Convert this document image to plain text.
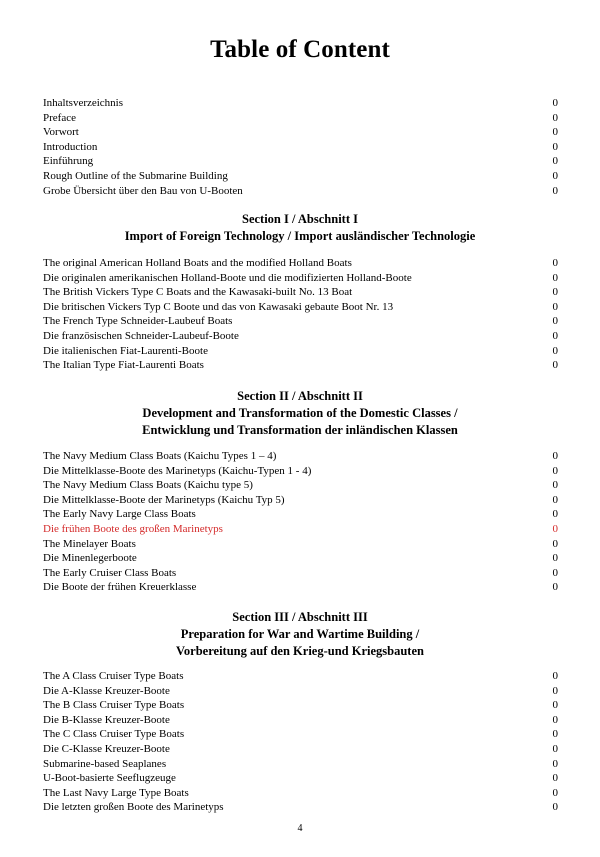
Table of Content
Inhaltsverzeichnis	0
Preface	0
Vorwort	0
Introduction	0
Einführung	0
Rough Outline of the Submarine Building	0
Grobe Übersicht über den Bau von U-Booten	0
Section I / Abschnitt I
Import of Foreign Technology / Import ausländischer Technologie
The original American Holland Boats and the modified Holland Boats	0
Die originalen amerikanischen Holland-Boote und die modifizierten Holland-Boote	0
The British Vickers Type C Boats and the Kawasaki-built No. 13 Boat	0
Die britischen Vickers Typ C Boote und das von Kawasaki gebaute Boot Nr. 13	0
The French Type Schneider-Laubeuf Boats	0
Die französischen Schneider-Laubeuf-Boote	0
Die italienischen Fiat-Laurenti-Boote	0
The Italian Type Fiat-Laurenti Boats	0
Section II / Abschnitt II
Development and Transformation of the Domestic Classes /
Entwicklung und Transformation der inländischen Klassen
The Navy Medium Class Boats (Kaichu Types 1 – 4)	0
Die Mittelklasse-Boote des Marinetyps (Kaichu-Typen 1 - 4)	0
The Navy Medium Class Boats (Kaichu type 5)	0
Die Mittelklasse-Boote der Marinetyps (Kaichu Typ 5)	0
The Early Navy Large Class Boats	0
Die frühen Boote des großen Marinetyps	0
The Minelayer Boats	0
Die Minenlegerboote	0
The Early Cruiser Class Boats	0
Die Boote der frühen Kreuerklasse	0
Section III / Abschnitt III
Preparation for War and Wartime Building /
Vorbereitung auf den Krieg-und Kriegsbauten
The A Class Cruiser Type Boats	0
Die A-Klasse Kreuzer-Boote	0
The B Class Cruiser Type Boats	0
Die B-Klasse Kreuzer-Boote	0
The C Class Cruiser Type Boats	0
Die C-Klasse Kreuzer-Boote	0
Submarine-based Seaplanes	0
U-Boot-basierte Seeflugzeuge	0
The Last Navy Large Type Boats	0
Die letzten großen Boote des Marinetyps	0
4
